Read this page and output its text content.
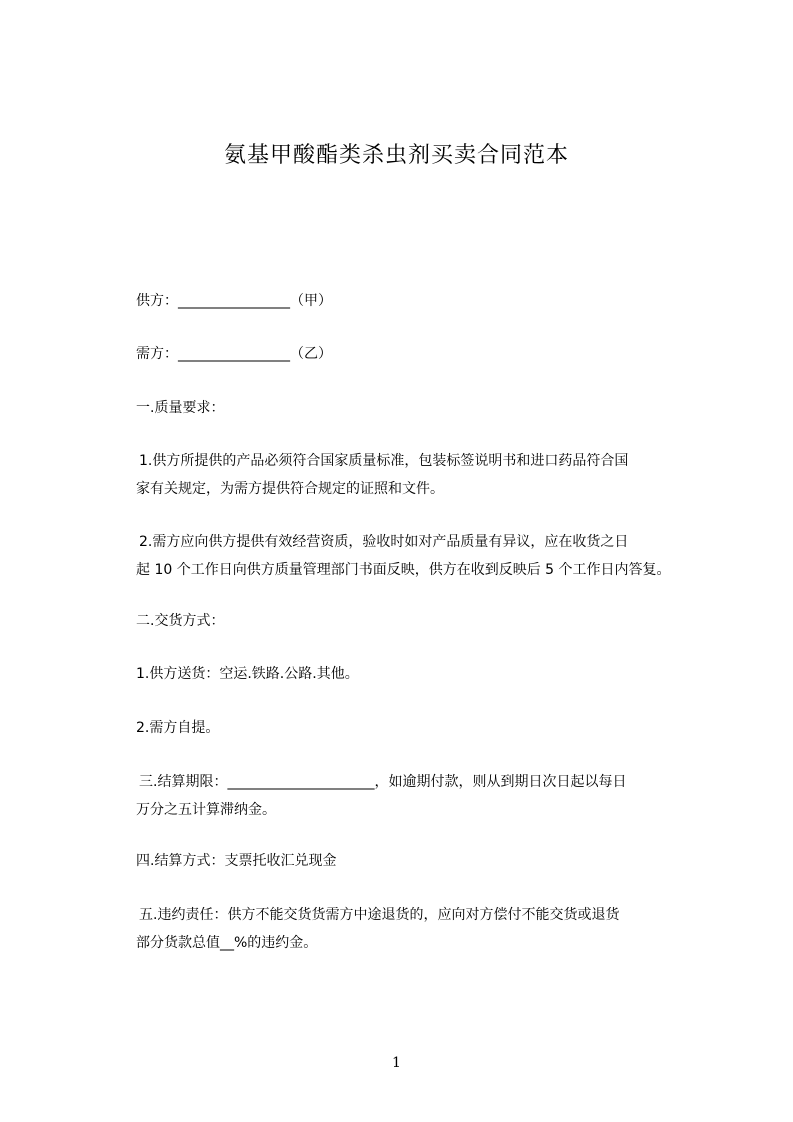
氨基甲酸酯类杀虫剂买卖合同范本
供方：________________（甲）
需方：________________（乙）
一.质量要求：
1.供方所提供的产品必须符合国家质量标准，包装标签说明书和进口药品符合国
家有关规定，为需方提供符合规定的证照和文件。
2.需方应向供方提供有效经营资质，验收时如对产品质量有异议，应在收货之日
起 10 个工作日向供方质量管理部门书面反映，供方在收到反映后 5 个工作日内答复。
二.交货方式：
1.供方送货：空运.铁路.公路.其他。
2.需方自提。
三.结算期限：_____________________，如逾期付款，则从到期日次日起以每日
万分之五计算滞纳金。
四.结算方式：支票托收汇兑现金
五.违约责任：供方不能交货货需方中途退货的，应向对方偿付不能交货或退货
部分货款总值__%的违约金。
1
